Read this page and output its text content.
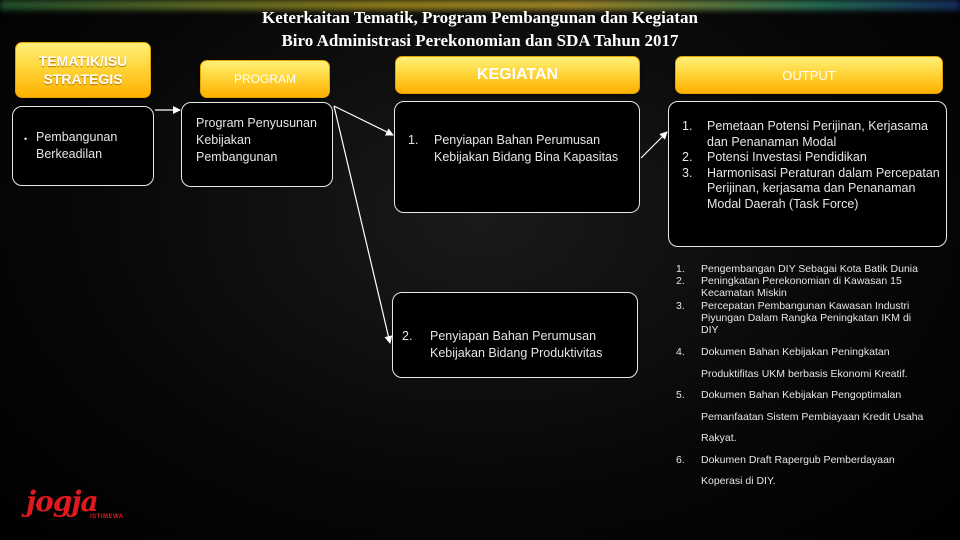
Keterkaitan Tematik, Program Pembangunan dan Kegiatan
Biro Administrasi Perekonomian dan SDA Tahun 2017
TEMATIK/ISU STRATEGIS	PROGRAM	KEGIATAN	OUTPUT
• Pembangunan Berkeadilan
Program Penyusunan Kebijakan Pembangunan
1. Penyiapan Bahan Perumusan Kebijakan Bidang Bina Kapasitas
2. Penyiapan Bahan Perumusan Kebijakan Bidang Produktivitas
1. Pemetaan Potensi Perijinan, Kerjasama dan Penanaman Modal
2. Potensi Investasi Pendidikan
3. Harmonisasi Peraturan dalam Percepatan Perijinan, kerjasama dan Penanaman Modal Daerah (Task Force)
1. Pengembangan DIY Sebagai Kota Batik Dunia
2. Peningkatan Perekonomian di Kawasan 15 Kecamatan Miskin
3. Percepatan Pembangunan Kawasan Industri Piyungan Dalam Rangka Peningkatan IKM di DIY
4. Dokumen Bahan Kebijakan Peningkatan Produktifitas UKM berbasis Ekonomi Kreatif.
5. Dokumen Bahan Kebijakan Pengoptimalan Pemanfaatan Sistem Pembiayaan Kredit Usaha Rakyat.
6. Dokumen Draft Rapergub Pemberdayaan Koperasi di DIY.
jogja
ISTIMEWA
